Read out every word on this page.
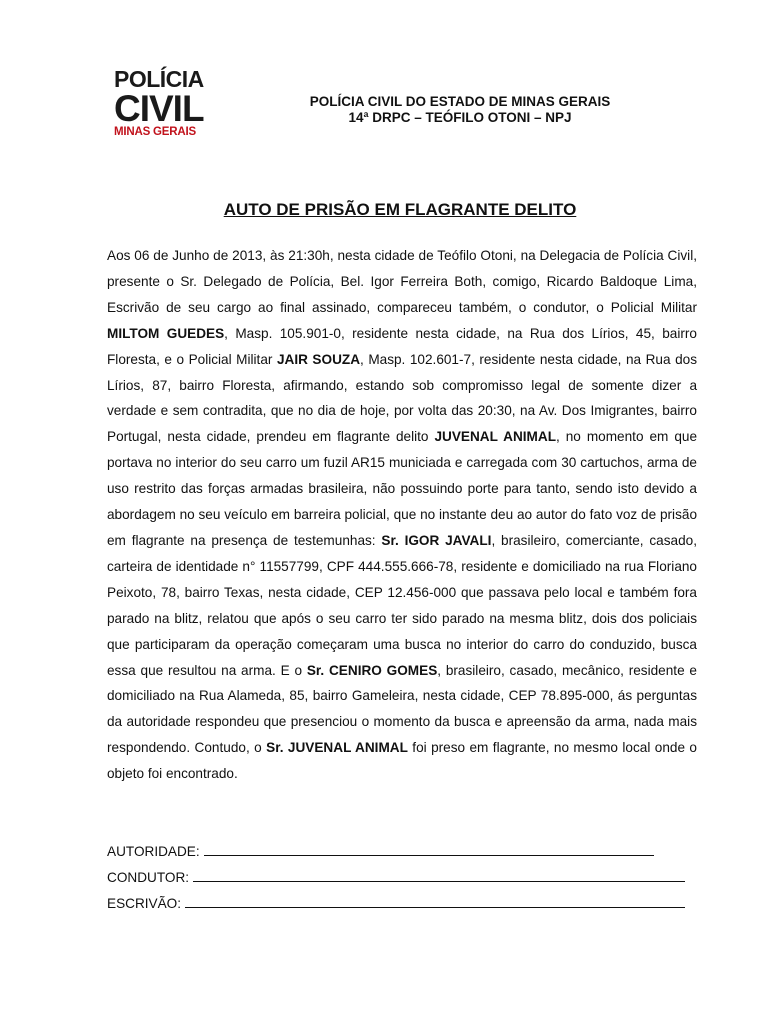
POLÍCIA
CIVIL
MINAS GERAIS
POLÍCIA CIVIL DO ESTADO DE MINAS GERAIS
14ª DRPC – TEÓFILO OTONI – NPJ
AUTO DE PRISÃO EM FLAGRANTE DELITO
Aos 06 de Junho de 2013, às 21:30h, nesta cidade de Teófilo Otoni, na Delegacia de Polícia Civil, presente o Sr. Delegado de Polícia, Bel. Igor Ferreira Both, comigo, Ricardo Baldoque Lima, Escrivão de seu cargo ao final assinado, compareceu também, o condutor, o Policial Militar MILTOM GUEDES, Masp. 105.901-0, residente nesta cidade, na Rua dos Lírios, 45, bairro Floresta, e o Policial Militar JAIR SOUZA, Masp. 102.601-7, residente nesta cidade, na Rua dos Lírios, 87, bairro Floresta, afirmando, estando sob compromisso legal de somente dizer a verdade e sem contradita, que no dia de hoje, por volta das 20:30, na Av. Dos Imigrantes, bairro Portugal, nesta cidade, prendeu em flagrante delito JUVENAL ANIMAL, no momento em que portava no interior do seu carro um fuzil AR15 municiada e carregada com 30 cartuchos, arma de uso restrito das forças armadas brasileira, não possuindo porte para tanto, sendo isto devido a abordagem no seu veículo em barreira policial, que no instante deu ao autor do fato voz de prisão em flagrante na presença de testemunhas: Sr. IGOR JAVALI, brasileiro, comerciante, casado, carteira de identidade n° 11557799, CPF 444.555.666-78, residente e domiciliado na rua Floriano Peixoto, 78, bairro Texas, nesta cidade, CEP 12.456-000 que passava pelo local e também fora parado na blitz, relatou que após o seu carro ter sido parado na mesma blitz, dois dos policiais que participaram da operação começaram uma busca no interior do carro do conduzido, busca essa que resultou na arma. E o Sr. CENIRO GOMES, brasileiro, casado, mecânico, residente e domiciliado na Rua Alameda, 85, bairro Gameleira, nesta cidade, CEP 78.895-000, ás perguntas da autoridade respondeu que presenciou o momento da busca e apreensão da arma, nada mais respondendo. Contudo, o Sr. JUVENAL ANIMAL foi preso em flagrante, no mesmo local onde o objeto foi encontrado.
AUTORIDADE:
CONDUTOR:
ESCRIVÃO:
